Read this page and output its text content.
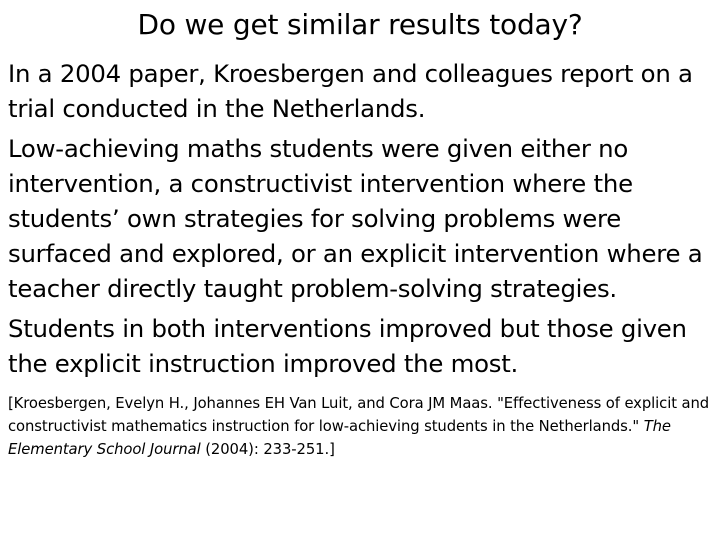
Do we get similar results today?
In a 2004 paper, Kroesbergen and colleagues report on a trial conducted in the Netherlands.
Low-achieving maths students were given either no intervention, a constructivist intervention where the students’ own strategies for solving problems were surfaced and explored, or an explicit intervention where a teacher directly taught problem-solving strategies.
Students in both interventions improved but those given the explicit instruction improved the most.
[Kroesbergen, Evelyn H., Johannes EH Van Luit, and Cora JM Maas. "Effectiveness of explicit and constructivist mathematics instruction for low-achieving students in the Netherlands." The Elementary School Journal (2004): 233-251.]
